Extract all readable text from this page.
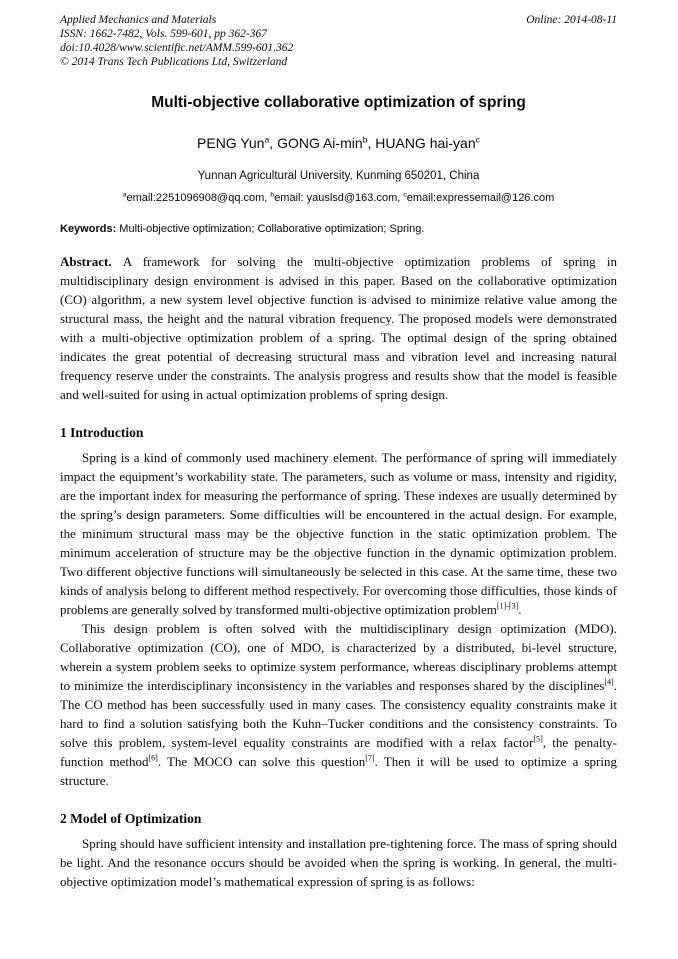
Applied Mechanics and Materials
ISSN: 1662-7482, Vols. 599-601, pp 362-367
doi:10.4028/www.scientific.net/AMM.599-601.362
© 2014 Trans Tech Publications Ltd, Switzerland
Online: 2014-08-11
Multi-objective collaborative optimization of spring
PENG Yun$^a$, GONG $Ai-\min^b$, HUANG hai-yan$^c$
Yunnan Agricultural University, Kunming 650201, China
$^a$email:2251096908@qq.com, $^b$email: yauslsd@163.com, $^c$email:expressemail@126.com
Keywords: Multi-objective optimization; Collaborative optimization; Spring.

Abstract. A framework for solving the multi-objective optimization problems of spring in multidisciplinary design environment is advised in this paper. Based on the collaborative optimization (CO) algorithm, a new system level objective function is advised to minimize relative value among the structural mass, the height and the natural vibration frequency. The proposed models were demonstrated with a multi-objective optimization problem of a spring. The optimal design of the spring obtained indicates the great potential of decreasing structural mass and vibration level and increasing natural frequency reserve under the constraints. The analysis progress and results show that the model is feasible and well-suited for using in actual optimization problems of spring design.

1 Introduction

Spring is a kind of commonly used machinery element. The performance of spring will immediately impact the equipment’s workability state. The parameters, such as volume or mass, intensity and rigidity, are the important index for measuring the performance of spring. These indexes are usually determined by the spring’s design parameters. Some difficulties will be encountered in the actual design. For example, the minimum structural mass may be the objective function in the static optimization problem. The minimum acceleration of structure may be the objective function in the dynamic optimization problem. Two different objective functions will simultaneously be selected in this case. At the same time, these two kinds of analysis belong to different method respectively. For overcoming those difficulties, those kinds of problems are generally solved by transformed multi-objective optimization problem[1]-[3].

This design problem is often solved with the multidisciplinary design optimization (MDO). Collaborative optimization (CO), one of MDO, is characterized by a distributed, bi-level structure, wherein a system problem seeks to optimize system performance, whereas disciplinary problems attempt to minimize the interdisciplinary inconsistency in the variables and responses shared by the disciplines[4]. The CO method has been successfully used in many cases. The consistency equality constraints make it hard to find a solution satisfying both the Kuhn–Tucker conditions and the consistency constraints. To solve this problem, system-level equality constraints are modified with a relax factor[5], the penalty-function method[6]. The MOCO can solve this question[7]. Then it will be used to optimize a spring structure.

2 Model of Optimization

Spring should have sufficient intensity and installation pre-tightening force. The mass of spring should be light. And the resonance occurs should be avoided when the spring is working. In general, the multi-objective optimization model’s mathematical expression of spring is as follows:
